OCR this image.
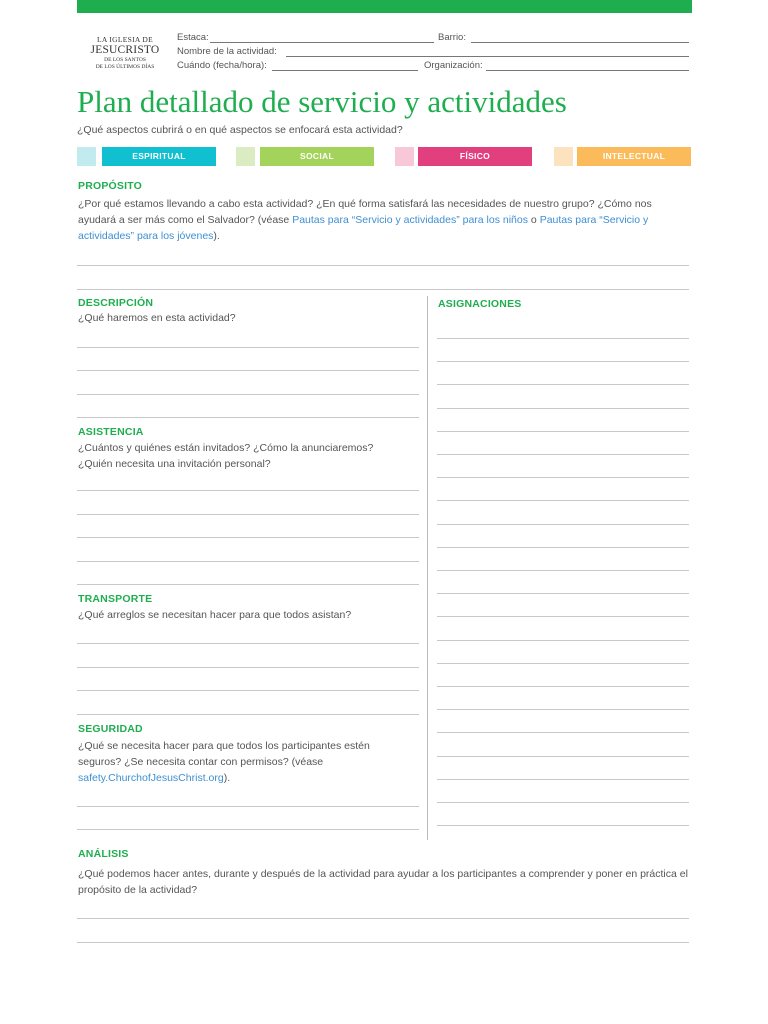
LA IGLESIA DE
JESUCRISTO
DE LOS SANTOS
DE LOS ÚLTIMOS DÍAS
Estaca:	Barrio:
Nombre de la actividad:
Cuándo (fecha/hora):	Organización:
Plan detallado de servicio y actividades
¿Qué aspectos cubrirá o en qué aspectos se enfocará esta actividad?
ESPIRITUAL	SOCIAL	FÍSICO	INTELECTUAL
PROPÓSITO
¿Por qué estamos llevando a cabo esta actividad? ¿En qué forma satisfará las necesidades de nuestro grupo? ¿Cómo nos ayudará a ser más como el Salvador? (véase Pautas para “Servicio y actividades” para los niños o Pautas para “Servicio y actividades” para los jóvenes).
DESCRIPCIÓN
¿Qué haremos en esta actividad?
ASISTENCIA
¿Cuántos y quiénes están invitados? ¿Cómo la anunciaremos? ¿Quién necesita una invitación personal?
TRANSPORTE
¿Qué arreglos se necesitan hacer para que todos asistan?
SEGURIDAD
¿Qué se necesita hacer para que todos los participantes estén seguros? ¿Se necesita contar con permisos? (véase safety.ChurchofJesusChrist.org).
ASIGNACIONES
ANÁLISIS
¿Qué podemos hacer antes, durante y después de la actividad para ayudar a los participantes a comprender y poner en práctica el propósito de la actividad?
